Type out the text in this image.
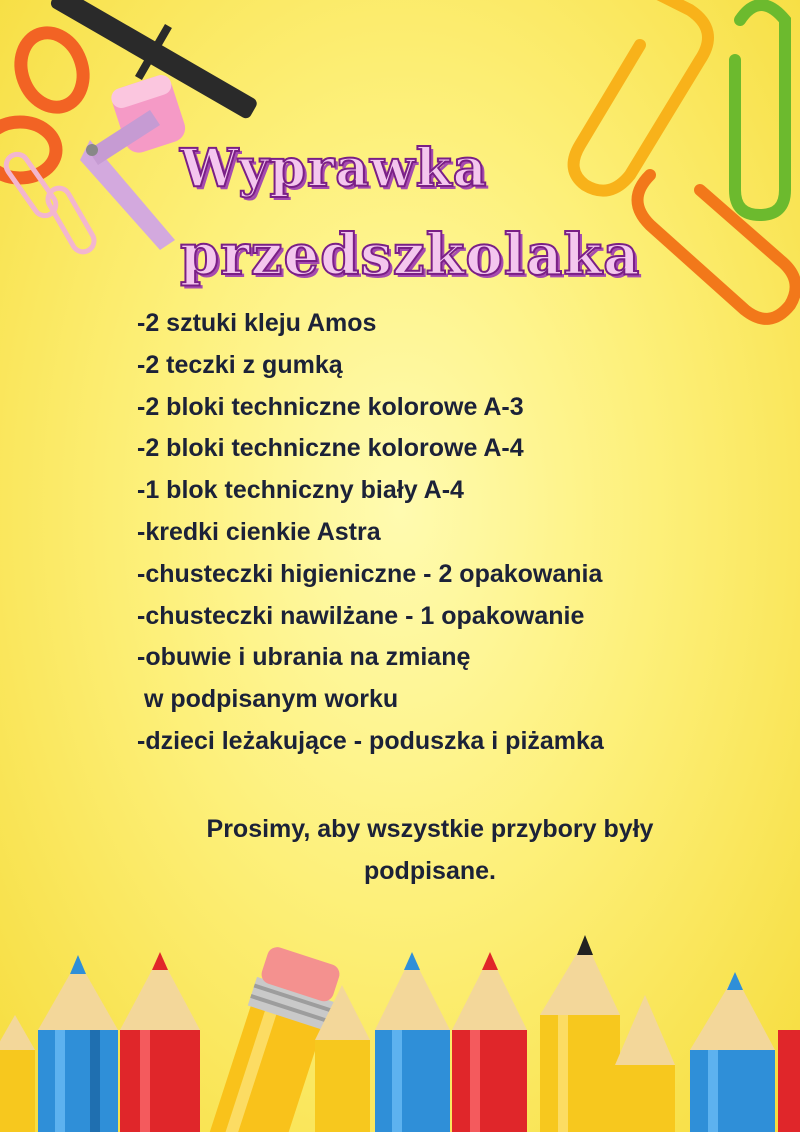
Wyprawka
przedszkolaka
-2 sztuki kleju Amos
-2 teczki z gumką
-2 bloki techniczne kolorowe A-3
-2 bloki techniczne kolorowe A-4
-1 blok techniczny biały A-4
-kredki cienkie Astra
-chusteczki higieniczne - 2 opakowania
-chusteczki nawilżane - 1 opakowanie
-obuwie i ubrania na zmianę
w podpisanym worku
-dzieci leżakujące - poduszka i piżamka

Prosimy, aby wszystkie przybory były
podpisane.
